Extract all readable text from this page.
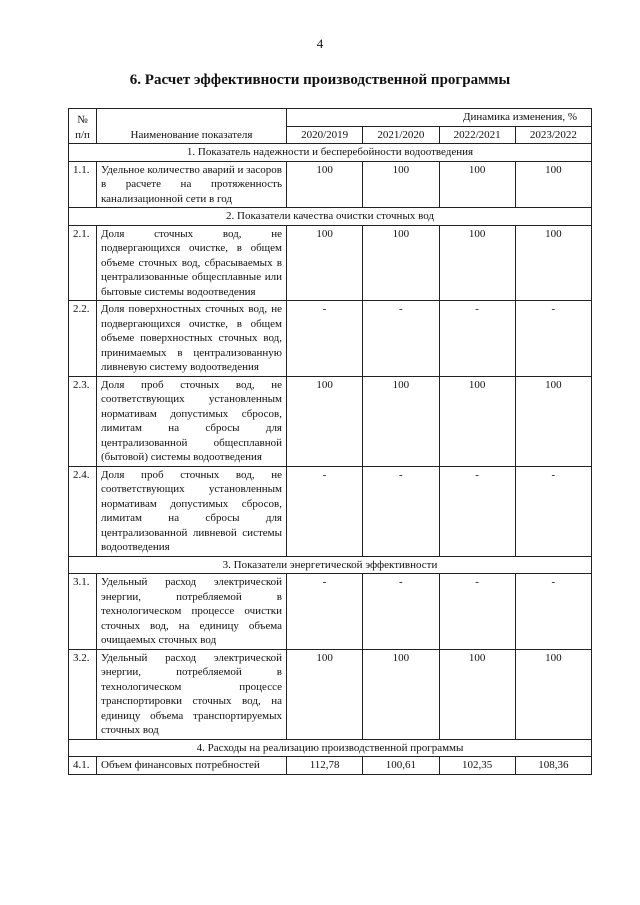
4
6. Расчет эффективности производственной программы
№
п/п	Наименование показателя	Динамика изменения, %			
		2020/2019	2021/2020	2022/2021	2023/2022
1. Показатель надежности и бесперебойности водоотведения					
1.1.	Удельное количество аварий и засоров в расчете на протяженность канализационной сети в год	100	100	100	100
2. Показатели качества очистки сточных вод					
2.1.	Доля сточных вод, не подвергающихся очистке, в общем объеме сточных вод, сбрасываемых в централизованные общесплавные или бытовые системы водоотведения	100	100	100	100
2.2.	Доля поверхностных сточных вод, не подвергающихся очистке, в общем объеме поверхностных сточных вод, принимаемых в централизованную ливневую систему водоотведения	-	-	-	-
2.3.	Доля проб сточных вод, не соответствующих установленным нормативам допустимых сбросов, лимитам на сбросы для централизованной общесплавной (бытовой) системы водоотведения	100	100	100	100
2.4.	Доля проб сточных вод, не соответствующих установленным нормативам допустимых сбросов, лимитам на сбросы для централизованной ливневой системы водоотведения	-	-	-	-
3. Показатели энергетической эффективности					
3.1.	Удельный расход электрической энергии, потребляемой в технологическом процессе очистки сточных вод, на единицу объема очищаемых сточных вод	-	-	-	-
3.2.	Удельный расход электрической энергии, потребляемой в технологическом процессе транспортировки сточных вод, на единицу объема транспортируемых сточных вод	100	100	100	100
4. Расходы на реализацию производственной программы					
4.1.	Объем финансовых потребностей	112,78	100,61	102,35	108,36
